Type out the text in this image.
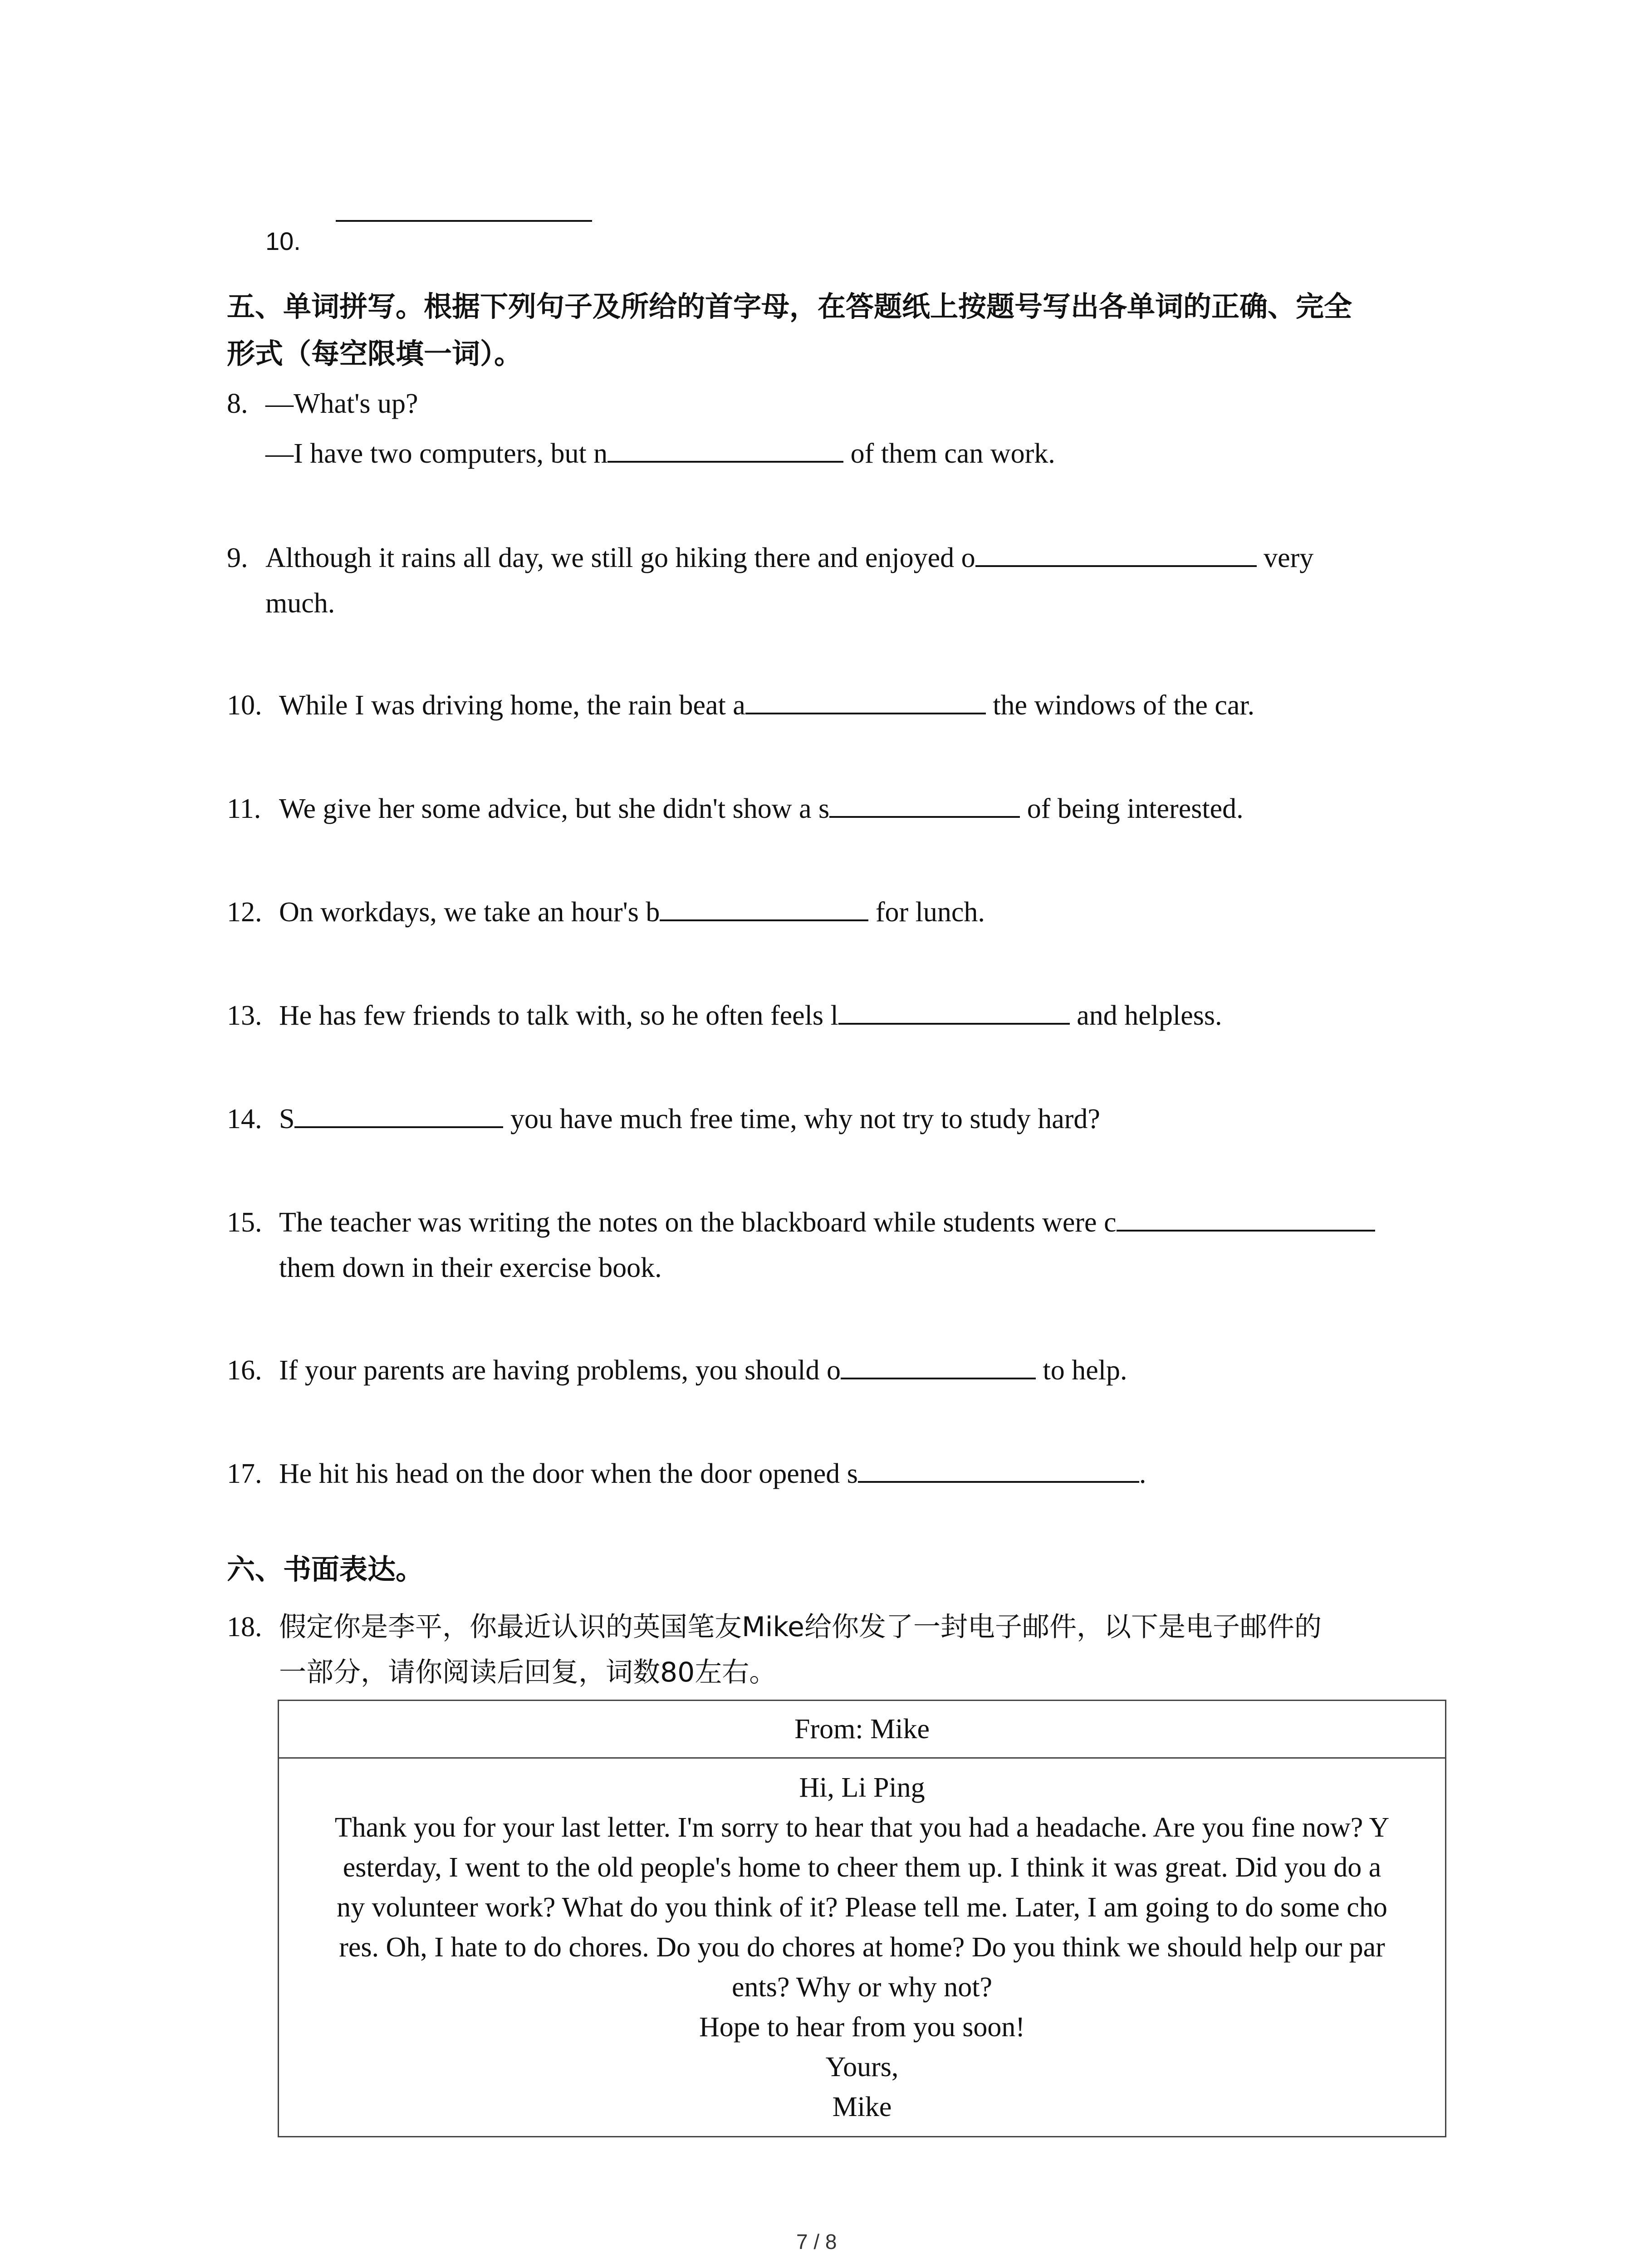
10.
五、单词拼写。根据下列句子及所给的首字母，在答题纸上按题号写出各单词的正确、完全
形式（每空限填一词）。
8. —What's up?
—I have two computers, but n	of them can work.
9. Although it rains all day, we still go hiking there and enjoyed o	very
much.
10. While I was driving home, the rain beat a	the windows of the car.
11. We give her some advice, but she didn't show a s	of being interested.
12. On workdays, we take an hour's b	for lunch.
13. He has few friends to talk with, so he often feels l	and helpless.
14. S	you have much free time, why not try to study hard?
15. The teacher was writing the notes on the blackboard while students were c
them down in their exercise book.
16. If your parents are having problems, you should o	to help.
17. He hit his head on the door when the door opened s	.
六、书面表达。
18. 假定你是李平，你最近认识的英国笔友Mike给你发了一封电子邮件，以下是电子邮件的
一部分，请你阅读后回复，词数80左右。
From: Mike

Hi, Li Ping
Thank you for your last letter. I'm sorry to hear that you had a headache. Are you fine now? Y
esterday, I went to the old people's home to cheer them up. I think it was great. Did you do a
ny volunteer work? What do you think of it? Please tell me. Later, I am going to do some cho
res. Oh, I hate to do chores. Do you do chores at home? Do you think we should help our par
ents? Why or why not?
Hope to hear from you soon!
Yours,
Mike
7 / 8
